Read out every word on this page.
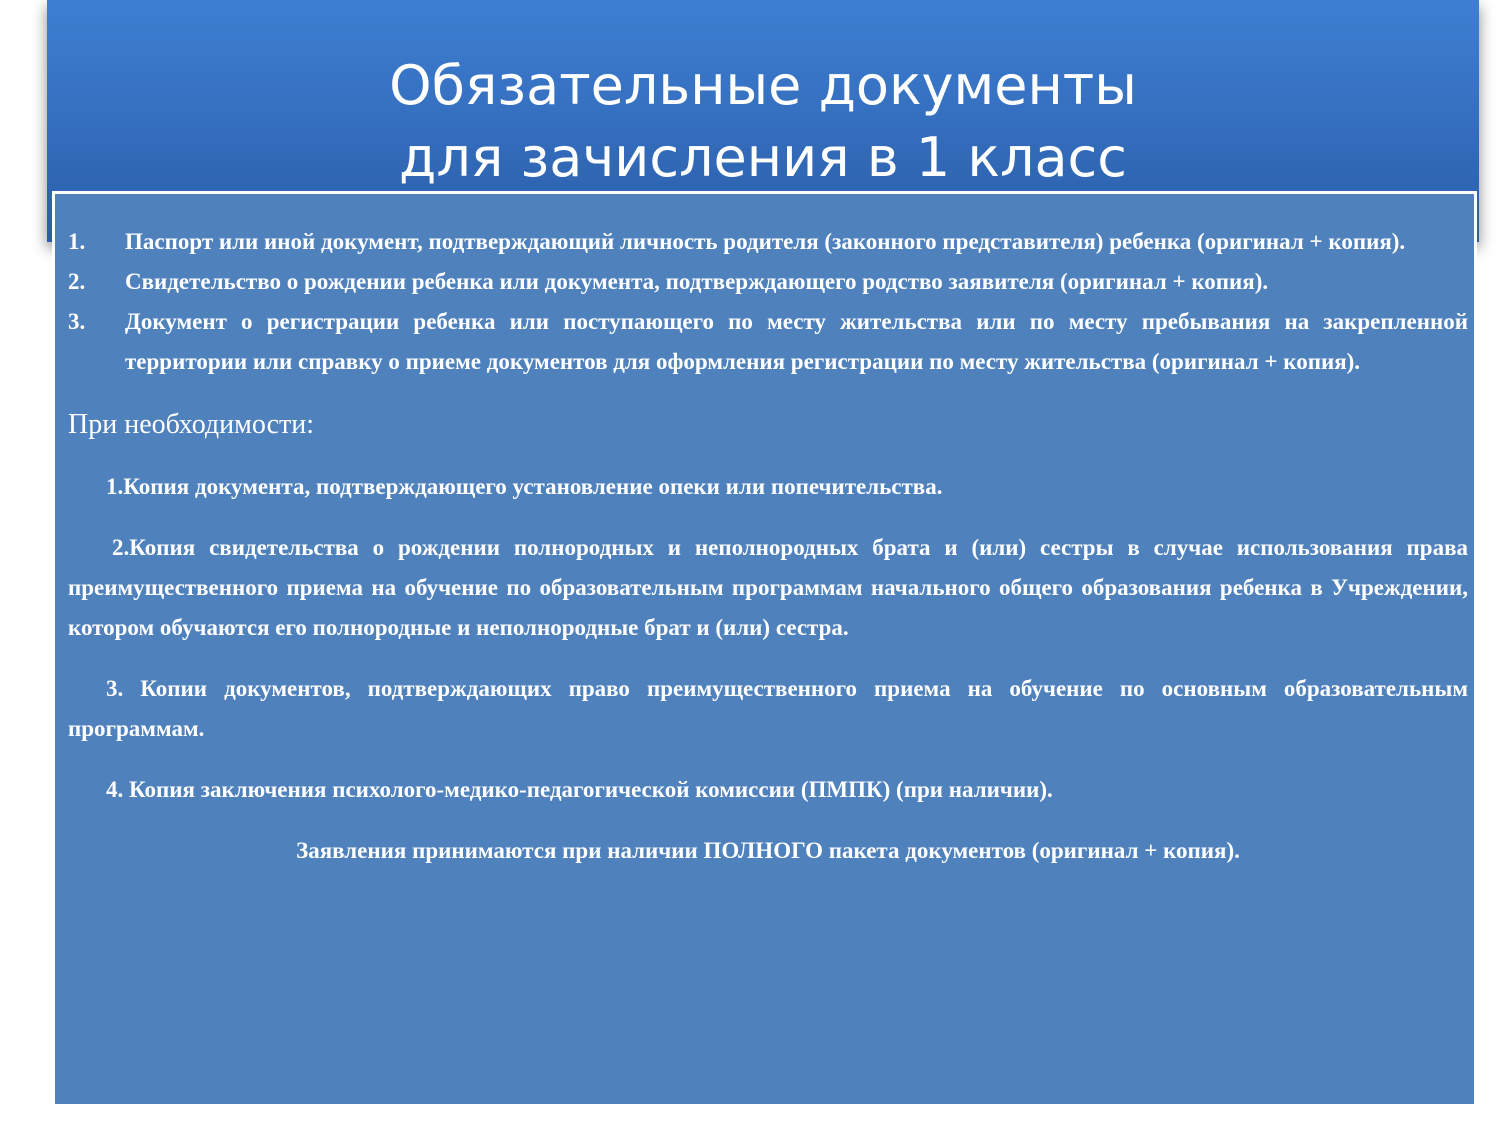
Обязательные документы
для зачисления в 1 класс
1. Паспорт или иной документ, подтверждающий личность родителя (законного представителя) ребенка (оригинал + копия).
2. Свидетельство о рождении ребенка или документа, подтверждающего родство заявителя (оригинал + копия).
3. Документ о регистрации ребенка или поступающего по месту жительства или по месту пребывания на закрепленной территории или справку о приеме документов для оформления регистрации по месту жительства (оригинал + копия).
При необходимости:

1.Копия документа, подтверждающего установление опеки или попечительства.

2.Копия свидетельства о рождении полнородных и неполнородных брата и (или) сестры в случае использования права преимущественного приема на обучение по образовательным программам начального общего образования ребенка в Учреждении, котором обучаются его полнородные и неполнородные брат и (или) сестра.

3. Копии документов, подтверждающих право преимущественного приема на обучение по основным образовательным программам.

4. Копия заключения психолого-медико-педагогической комиссии (ПМПК) (при наличии).

Заявления принимаются при наличии ПОЛНОГО пакета документов (оригинал + копия).
